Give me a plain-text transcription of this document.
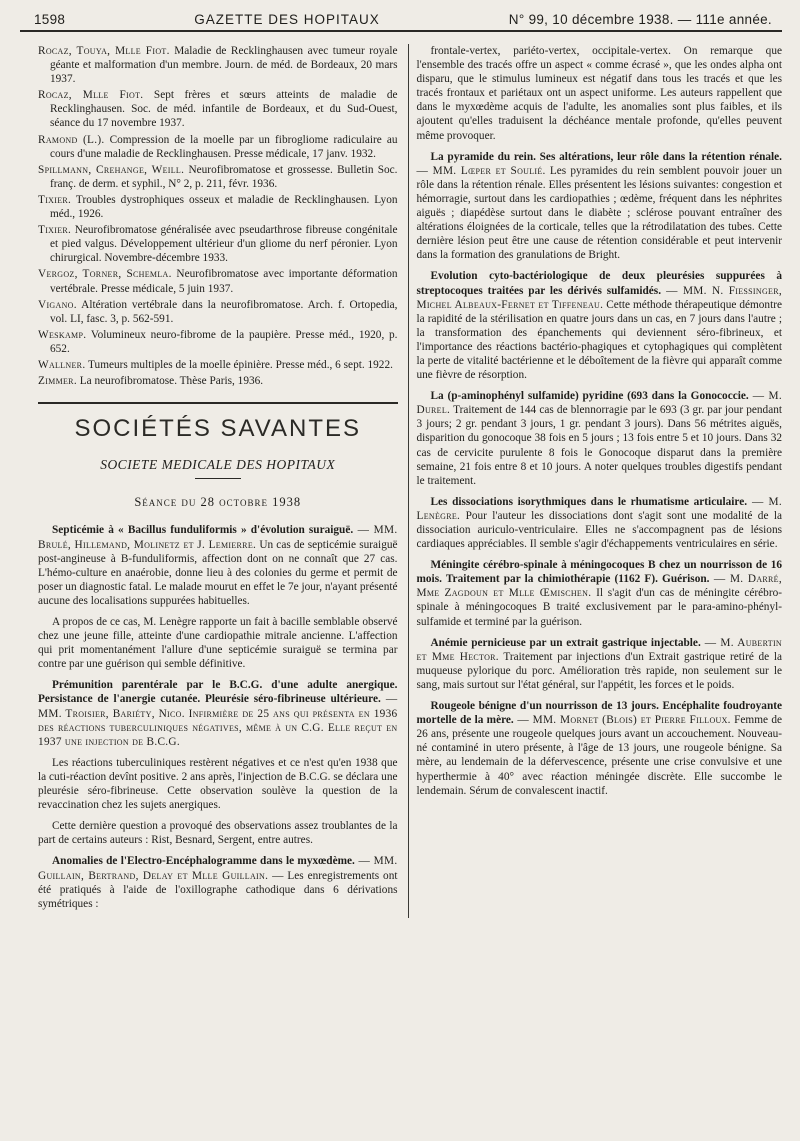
1598	GAZETTE DES HOPITAUX	N° 99, 10 décembre 1938. — 111e année.

Rocaz, Touya, Mlle Fiot. Maladie de Recklinghausen avec tumeur royale géante et malformation d'un membre. Journ. de méd. de Bordeaux, 20 mars 1937.

Rocaz, Mlle Fiot. Sept frères et sœurs atteints de maladie de Recklinghausen. Soc. de méd. infantile de Bordeaux, et du Sud-Ouest, séance du 17 novembre 1937.

Ramond (L.). Compression de la moelle par un fibrogliome radiculaire au cours d'une maladie de Recklinghausen. Presse médicale, 17 janv. 1932.

Spillmann, Crehange, Weill. Neurofibromatose et grossesse. Bulletin Soc. franç. de derm. et syphil., N° 2, p. 211, févr. 1936.

Tixier. Troubles dystrophiques osseux et maladie de Recklinghausen. Lyon méd., 1926.

Tixier. Neurofibromatose généralisée avec pseudarthrose fibreuse congénitale et pied valgus. Développement ultérieur d'un gliome du nerf péronier. Lyon chirurgical. Novembre-décembre 1933.

Vergoz, Torner, Schemla. Neurofibromatose avec importante déformation vertébrale. Presse médicale, 5 juin 1937.

Vigano. Altération vertébrale dans la neurofibromatose. Arch. f. Ortopedia, vol. LI, fasc. 3, p. 562-591.

Weskamp. Volumineux neuro-fibrome de la paupière. Presse méd., 1920, p. 652.

Wallner. Tumeurs multiples de la moelle épinière. Presse méd., 6 sept. 1922.

Zimmer. La neurofibromatose. Thèse Paris, 1936.

SOCIÉTÉS SAVANTES
SOCIETE MEDICALE DES HOPITAUX
Séance du 28 octobre 1938

Septicémie à « Bacillus funduliformis » d'évolution suraiguë. — MM. Brulé, Hillemand, Molinetz et J. Lemierre. Un cas de septicémie suraiguë post-angineuse à B-funduliformis, affection dont on ne connaît que 27 cas. L'hémo-culture en anaérobie, donne lieu à des colonies du germe et permit de poser un diagnostic fatal. Le malade mourut en effet le 7e jour, n'ayant présenté aucune des localisations suppurées habituelles.

A propos de ce cas, M. Lenègre rapporte un fait à bacille semblable observé chez une jeune fille, atteinte d'une cardiopathie mitrale ancienne. L'affection qui prit momentanément l'allure d'une septicémie suraiguë se termina par contre par une guérison qui semble définitive.

Prémunition parentérale par le B.C.G. d'une adulte anergique. Persistance de l'anergie cutanée. Pleurésie séro-fibrineuse ultérieure. — MM. Troisier, Bariéty, Nico. Infirmière de 25 ans qui présenta en 1936 des réactions tuberculiniques négatives, même à un C.G. Elle reçut en 1937 une injection de B.C.G.

Les réactions tuberculiniques restèrent négatives et ce n'est qu'en 1938 que la cuti-réaction devînt positive. 2 ans après, l'injection de B.C.G. se déclara une pleurésie séro-fibrineuse. Cette observation soulève la question de la revaccination chez les sujets anergiques.

Cette dernière question a provoqué des observations assez troublantes de la part de certains auteurs : Rist, Besnard, Sergent, entre autres.

Anomalies de l'Electro-Encéphalogramme dans le myxœdème. — MM. Guillain, Bertrand, Delay et Mlle Guillain. — Les enregistrements ont été pratiqués à l'aide de l'oxillographe cathodique dans 6 dérivations symétriques :

frontale-vertex, pariéto-vertex, occipitale-vertex. On remarque que l'ensemble des tracés offre un aspect « comme écrasé », que les ondes alpha ont disparu, que le stimulus lumineux est négatif dans tous les tracés et que les tracés frontaux et pariétaux ont un aspect uniforme. Les auteurs rappellent que dans le myxœdème acquis de l'adulte, les anomalies sont plus faibles, et ils ajoutent qu'elles traduisent la déchéance mentale profonde, qu'elles peuvent même provoquer.

La pyramide du rein. Ses altérations, leur rôle dans la rétention rénale. — MM. Lœper et Soulié. Les pyramides du rein semblent pouvoir jouer un rôle dans la rétention rénale. Elles présentent les lésions suivantes: congestion et hémorragie, surtout dans les cardiopathies ; œdème, fréquent dans les néphrites aiguës ; diapédèse surtout dans le diabète ; sclérose pouvant entraîner des altérations éloignées de la corticale, telles que la rétrodilatation des tubes. Cette dernière lésion peut être une cause de rétention considérable et peut intervenir dans la formation des granulations de Bright.

Evolution cyto-bactériologique de deux pleurésies suppurées à streptocoques traitées par les dérivés sulfamidés. — MM. N. Fiessinger, Michel Albeaux-Fernet et Tiffeneau. Cette méthode thérapeutique démontre la rapidité de la stérilisation en quatre jours dans un cas, en 7 jours dans l'autre ; la transformation des épanchements qui deviennent séro-fibrineux, et l'importance des réactions bactério-phagiques et cytophagiques qui complètent la perte de vitalité bactérienne et le déboîtement de la fièvre qui apparaît comme une fièvre de résorption.

La (p-aminophényl sulfamide) pyridine (693 dans la Gonococcie. — M. Durel. Traitement de 144 cas de blennorragie par le 693 (3 gr. par jour pendant 3 jours; 2 gr. pendant 3 jours, 1 gr. pendant 3 jours). Dans 56 métrites aiguës, disparition du gonocoque 38 fois en 5 jours ; 13 fois entre 5 et 10 jours. Dans 32 cas de cervicite purulente 8 fois le Gonocoque disparut dans la première semaine, 21 fois entre 8 et 10 jours. A noter quelques troubles digestifs pendant le traitement.

Les dissociations isorythmiques dans le rhumatisme articulaire. — M. Lenègre. Pour l'auteur les dissociations dont s'agit sont une modalité de la dissociation auriculo-ventriculaire. Elles ne s'accompagnent pas de lésions cardiaques appréciables. Il semble s'agir d'échappements ventriculaires en série.

Méningite cérébro-spinale à méningocoques B chez un nourrisson de 16 mois. Traitement par la chimiothérapie (1162 F). Guérison. — M. Darré, Mme Zagdoun et Mlle Œmischen. Il s'agit d'un cas de méningite cérébro-spinale à méningocoques B traité exclusivement par le para-amino-phényl-sulfamide et terminé par la guérison.

Anémie pernicieuse par un extrait gastrique injectable. — M. Aubertin et Mme Hector. Traitement par injections d'un Extrait gastrique retiré de la muqueuse pylorique du porc. Amélioration très rapide, non seulement sur le sang, mais surtout sur l'état général, sur l'appétit, les forces et le poids.

Rougeole bénigne d'un nourrisson de 13 jours. Encéphalite foudroyante mortelle de la mère. — MM. Mornet (Blois) et Pierre Filloux. Femme de 26 ans, présente une rougeole quelques jours avant un accouchement. Nouveau-né contaminé in utero présente, à l'âge de 13 jours, une rougeole bénigne. Sa mère, au lendemain de la défervescence, présente une crise convulsive et une hyperthermie à 40° avec réaction méningée discrète. Elle succombe le lendemain. Sérum de convalescent inactif.
